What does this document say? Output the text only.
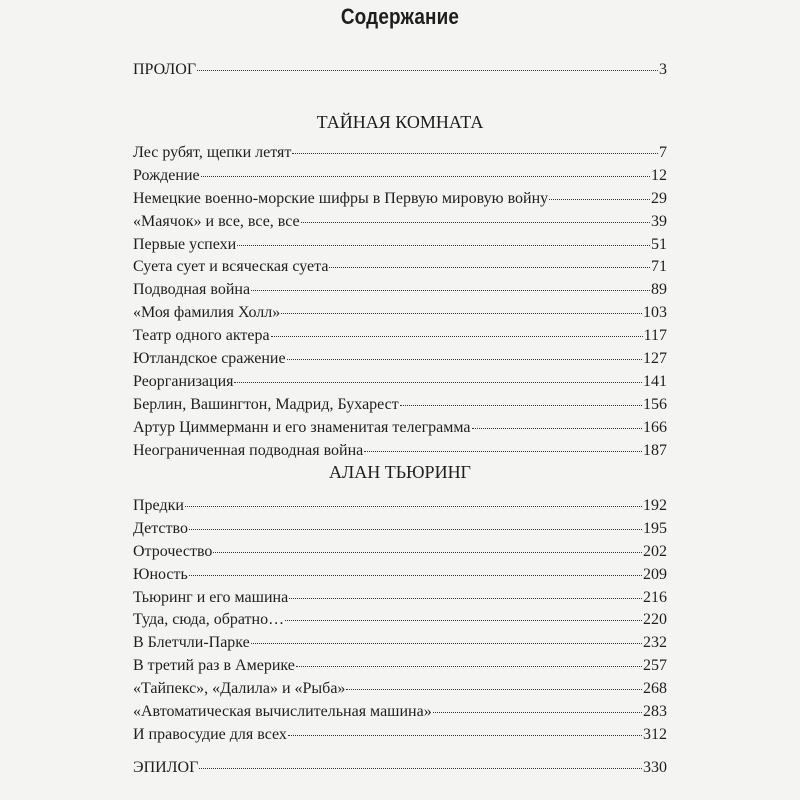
Содержание
ПРОЛОГ	3
ТАЙНАЯ КОМНАТА
Лес рубят, щепки летят	7
Рождение	12
Немецкие военно-морские шифры в Первую мировую войну	29
«Маячок» и все, все, все	39
Первые успехи	51
Суета сует и всяческая суета	71
Подводная война	89
«Моя фамилия Холл»	103
Театр одного актера	117
Ютландское сражение	127
Реорганизация	141
Берлин, Вашингтон, Мадрид, Бухарест	156
Артур Циммерманн и его знаменитая телеграмма	166
Неограниченная подводная война	187
АЛАН ТЬЮРИНГ
Предки	192
Детство	195
Отрочество	202
Юность	209
Тьюринг и его машина	216
Туда, сюда, обратно…	220
В Блетчли-Парке	232
В третий раз в Америке	257
«Тайпекс», «Далила» и «Рыба»	268
«Автоматическая вычислительная машина»	283
И правосудие для всех	312
ЭПИЛОГ	330
